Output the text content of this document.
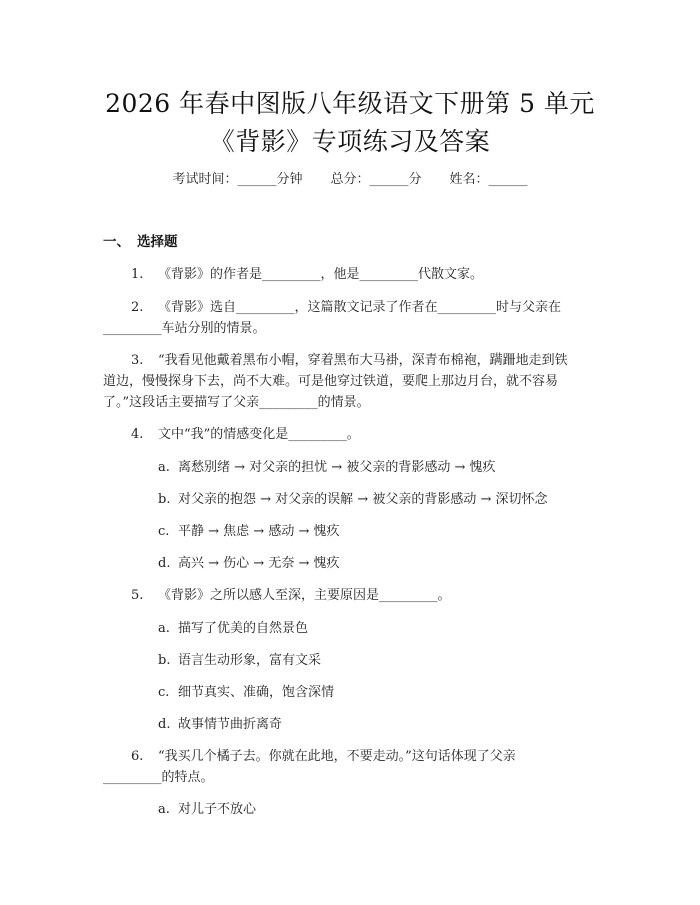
2026 年春中图版八年级语文下册第 5 单元
《背影》专项练习及答案
考试时间：______分钟 总分：______分 姓名：______
一、 选择题
1. 《背影》的作者是_________，他是_________代散文家。
2. 《背影》选自_________，这篇散文记录了作者在_________时与父亲在
_________车站分别的情景。
3. “我看见他戴着黑布小帽，穿着黑布大马褂，深青布棉袍，蹒跚地走到铁
道边，慢慢探身下去，尚不大难。可是他穿过铁道，要爬上那边月台，就不容易
了。”这段话主要描写了父亲_________的情景。
4. 文中“我”的情感变化是_________。
a. 离愁别绪 → 对父亲的担忧 → 被父亲的背影感动 → 愧疚
b. 对父亲的抱怨 → 对父亲的误解 → 被父亲的背影感动 → 深切怀念
c. 平静 → 焦虑 → 感动 → 愧疚
d. 高兴 → 伤心 → 无奈 → 愧疚
5. 《背影》之所以感人至深，主要原因是_________。
a. 描写了优美的自然景色
b. 语言生动形象，富有文采
c. 细节真实、准确，饱含深情
d. 故事情节曲折离奇
6. “我买几个橘子去。你就在此地，不要走动。”这句话体现了父亲
_________的特点。
a. 对儿子不放心
